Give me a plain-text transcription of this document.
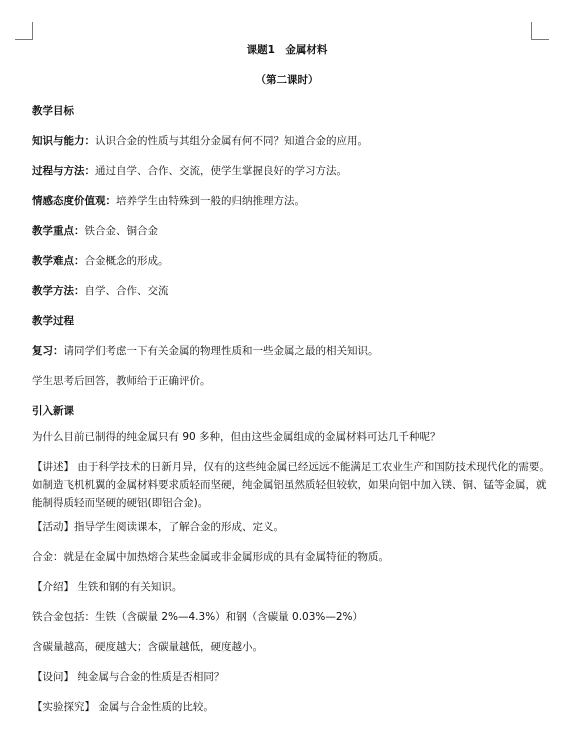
课题1　金属材料
（第二课时）
教学目标
知识与能力：认识合金的性质与其组分金属有何不同？知道合金的应用。
过程与方法：通过自学、合作、交流，使学生掌握良好的学习方法。
情感态度价值观：培养学生由特殊到一般的归纳推理方法。
教学重点：铁合金、铜合金
教学难点：合金概念的形成。
教学方法：自学、合作、交流
教学过程
复习：请同学们考虑一下有关金属的物理性质和一些金属之最的相关知识。
学生思考后回答，教师给于正确评价。
引入新课
为什么目前已制得的纯金属只有 90 多种，但由这些金属组成的金属材料可达几千种呢？
【讲述】 由于科学技术的日新月异，仅有的这些纯金属已经远远不能满足工农业生产和国防技术现代化的需要。如制造飞机机翼的金属材料要求质轻而坚硬，纯金属铝虽然质轻但较软，如果向铝中加入镁、铜、锰等金属，就能制得质轻而坚硬的硬铝(即铝合金)。
【活动】指导学生阅读课本，了解合金的形成、定义。
合金：就是在金属中加热熔合某些金属或非金属形成的具有金属特征的物质。
【介绍】 生铁和钢的有关知识。
铁合金包括：生铁（含碳量 2%—4.3%）和钢（含碳量 0.03%—2%）
含碳量越高，硬度越大；含碳量越低，硬度越小。
【设问】 纯金属与合金的性质是否相同？
【实验探究】 金属与合金性质的比较。
